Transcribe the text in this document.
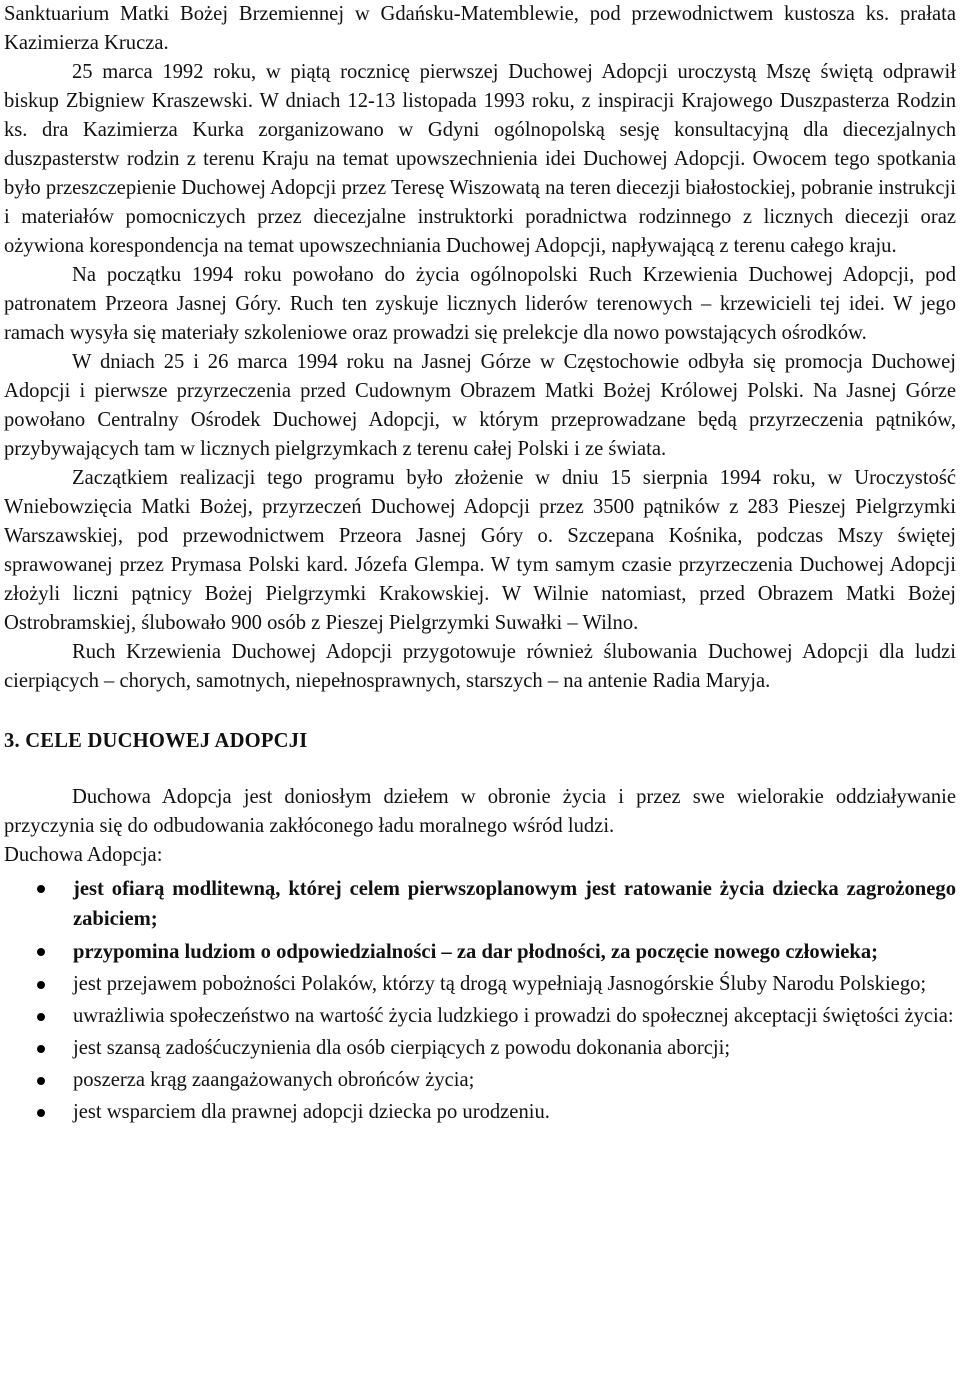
Sanktuarium Matki Bożej Brzemiennej w Gdańsku-Matemblewie, pod przewodnictwem kustosza ks. prałata Kazimierza Krucza.

25 marca 1992 roku, w piątą rocznicę pierwszej Duchowej Adopcji uroczystą Mszę świętą odprawił biskup Zbigniew Kraszewski. W dniach 12-13 listopada 1993 roku, z inspiracji Krajowego Duszpasterza Rodzin ks. dra Kazimierza Kurka zorganizowano w Gdyni ogólnopolską sesję konsultacyjną dla diecezjalnych duszpasterstw rodzin z terenu Kraju na temat upowszechnienia idei Duchowej Adopcji. Owocem tego spotkania było przeszczepienie Duchowej Adopcji przez Teresę Wiszowatą na teren diecezji białostockiej, pobranie instrukcji i materiałów pomocniczych przez diecezjalne instruktorki poradnictwa rodzinnego z licznych diecezji oraz ożywiona korespondencja na temat upowszechniania Duchowej Adopcji, napływającą z terenu całego kraju.

Na początku 1994 roku powołano do życia ogólnopolski Ruch Krzewienia Duchowej Adopcji, pod patronatem Przeora Jasnej Góry. Ruch ten zyskuje licznych liderów terenowych – krzewicieli tej idei. W jego ramach wysyła się materiały szkoleniowe oraz prowadzi się prelekcje dla nowo powstających ośrodków.

W dniach 25 i 26 marca 1994 roku na Jasnej Górze w Częstochowie odbyła się promocja Duchowej Adopcji i pierwsze przyrzeczenia przed Cudownym Obrazem Matki Bożej Królowej Polski. Na Jasnej Górze powołano Centralny Ośrodek Duchowej Adopcji, w którym przeprowadzane będą przyrzeczenia pątników, przybywających tam w licznych pielgrzymkach z terenu całej Polski i ze świata.

Zaczątkiem realizacji tego programu było złożenie w dniu 15 sierpnia 1994 roku, w Uroczystość Wniebowzięcia Matki Bożej, przyrzeczeń Duchowej Adopcji przez 3500 pątników z 283 Pieszej Pielgrzymki Warszawskiej, pod przewodnictwem Przeora Jasnej Góry o. Szczepana Kośnika, podczas Mszy świętej sprawowanej przez Prymasa Polski kard. Józefa Glempa. W tym samym czasie przyrzeczenia Duchowej Adopcji złożyli liczni pątnicy Bożej Pielgrzymki Krakowskiej. W Wilnie natomiast, przed Obrazem Matki Bożej Ostrobramskiej, ślubowało 900 osób z Pieszej Pielgrzymki Suwałki – Wilno.

Ruch Krzewienia Duchowej Adopcji przygotowuje również ślubowania Duchowej Adopcji dla ludzi cierpiących – chorych, samotnych, niepełnosprawnych, starszych – na antenie Radia Maryja.

3. CELE DUCHOWEJ ADOPCJI

Duchowa Adopcja jest doniosłym dziełem w obronie życia i przez swe wielorakie oddziaływanie przyczynia się do odbudowania zakłóconego ładu moralnego wśród ludzi.

Duchowa Adopcja:

jest ofiarą modlitewną, której celem pierwszoplanowym jest ratowanie życia dziecka zagrożonego zabiciem;
przypomina ludziom o odpowiedzialności – za dar płodności, za poczęcie nowego człowieka;
jest przejawem pobożności Polaków, którzy tą drogą wypełniają Jasnogórskie Śluby Narodu Polskiego;
uwrażliwia społeczeństwo na wartość życia ludzkiego i prowadzi do społecznej akceptacji świętości życia:
jest szansą zadośćuczynienia dla osób cierpiących z powodu dokonania aborcji;
poszerza krąg zaangażowanych obrońców życia;
jest wsparciem dla prawnej adopcji dziecka po urodzeniu.
